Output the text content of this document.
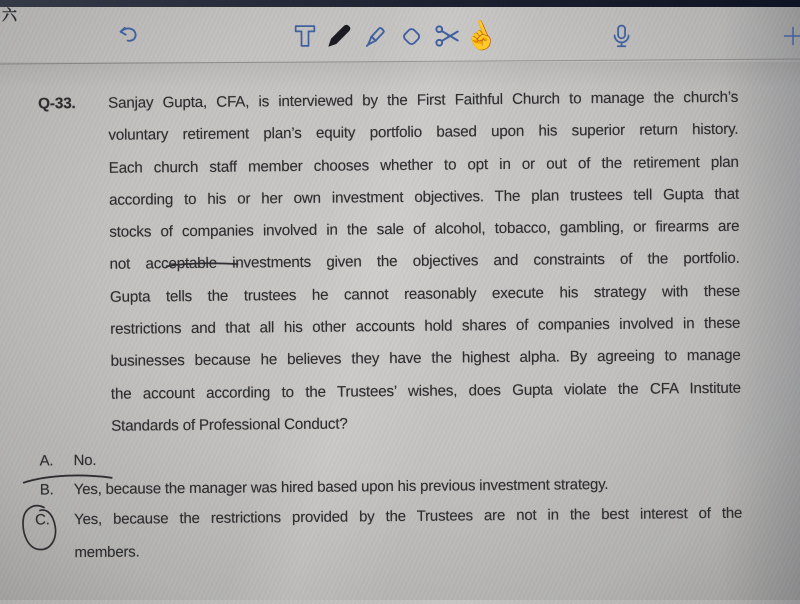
六	☝
Q-33. Sanjay Gupta, CFA, is interviewed by the First Faithful Church to manage the church’s
voluntary retirement plan’s equity portfolio based upon his superior return history.
Each church staff member chooses whether to opt in or out of the retirement plan
according to his or her own investment objectives. The plan trustees tell Gupta that
stocks of companies involved in the sale of alcohol, tobacco, gambling, or firearms are
not acceptable investments given the objectives and constraints of the portfolio.
Gupta tells the trustees he cannot reasonably execute his strategy with these
restrictions and that all his other accounts hold shares of companies involved in these
businesses because he believes they have the highest alpha. By agreeing to manage
the account according to the Trustees’ wishes, does Gupta violate the CFA Institute
Standards of Professional Conduct?
A. No.
B. Yes, because the manager was hired based upon his previous investment strategy.
C. Yes, because the restrictions provided by the Trustees are not in the best interest of the
members.
